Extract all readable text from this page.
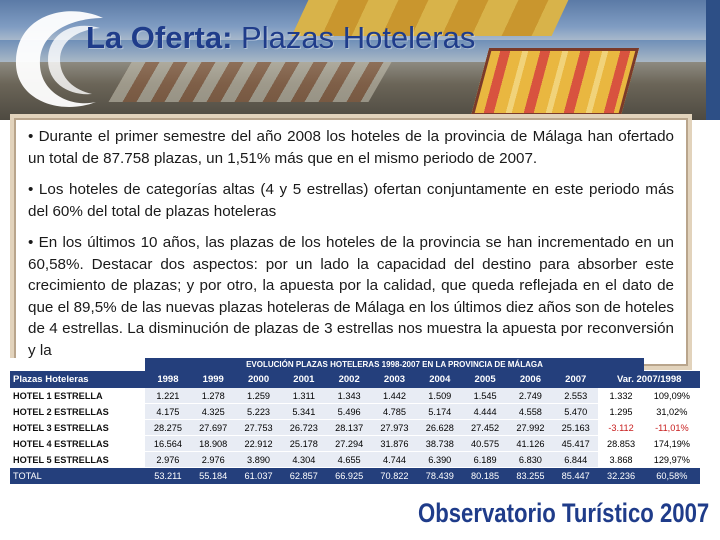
La Oferta: Plazas Hoteleras

• Durante el primer semestre del año 2008 los hoteles de la provincia de Málaga han ofertado un total de 87.758 plazas, un 1,51% más que en el mismo periodo de 2007.

• Los hoteles de categorías altas (4 y 5 estrellas) ofertan conjuntamente en este periodo más del 60% del total de plazas hoteleras

• En los últimos 10 años, las plazas de los hoteles de la provincia se han incrementado en un 60,58%. Destacar dos aspectos: por un lado la capacidad del destino para absorber este crecimiento de plazas; y por otro, la apuesta por la calidad, que queda reflejada en el dato de que el 89,5% de las nuevas plazas hoteleras de Málaga en los últimos diez años son de hoteles de 4 estrellas. La disminución de plazas de 3 estrellas nos muestra la apuesta por reconversión y la

	EVOLUCIÓN PLAZAS HOTELERAS 1998-2007 EN LA PROVINCIA DE MÁLAGA											
Plazas Hoteleras	1998	1999	2000	2001	2002	2003	2004	2005	2006	2007	Var. 2007/1998	
HOTEL 1 ESTRELLA	1.221	1.278	1.259	1.311	1.343	1.442	1.509	1.545	2.749	2.553	1.332	109,09%
HOTEL 2 ESTRELLAS	4.175	4.325	5.223	5.341	5.496	4.785	5.174	4.444	4.558	5.470	1.295	31,02%
HOTEL 3 ESTRELLAS	28.275	27.697	27.753	26.723	28.137	27.973	26.628	27.452	27.992	25.163	-3.112	-11,01%
HOTEL 4 ESTRELLAS	16.564	18.908	22.912	25.178	27.294	31.876	38.738	40.575	41.126	45.417	28.853	174,19%
HOTEL 5 ESTRELLAS	2.976	2.976	3.890	4.304	4.655	4.744	6.390	6.189	6.830	6.844	3.868	129,97%
TOTAL	53.211	55.184	61.037	62.857	66.925	70.822	78.439	80.185	83.255	85.447	32.236	60,58%
Observatorio Turístico 2007
